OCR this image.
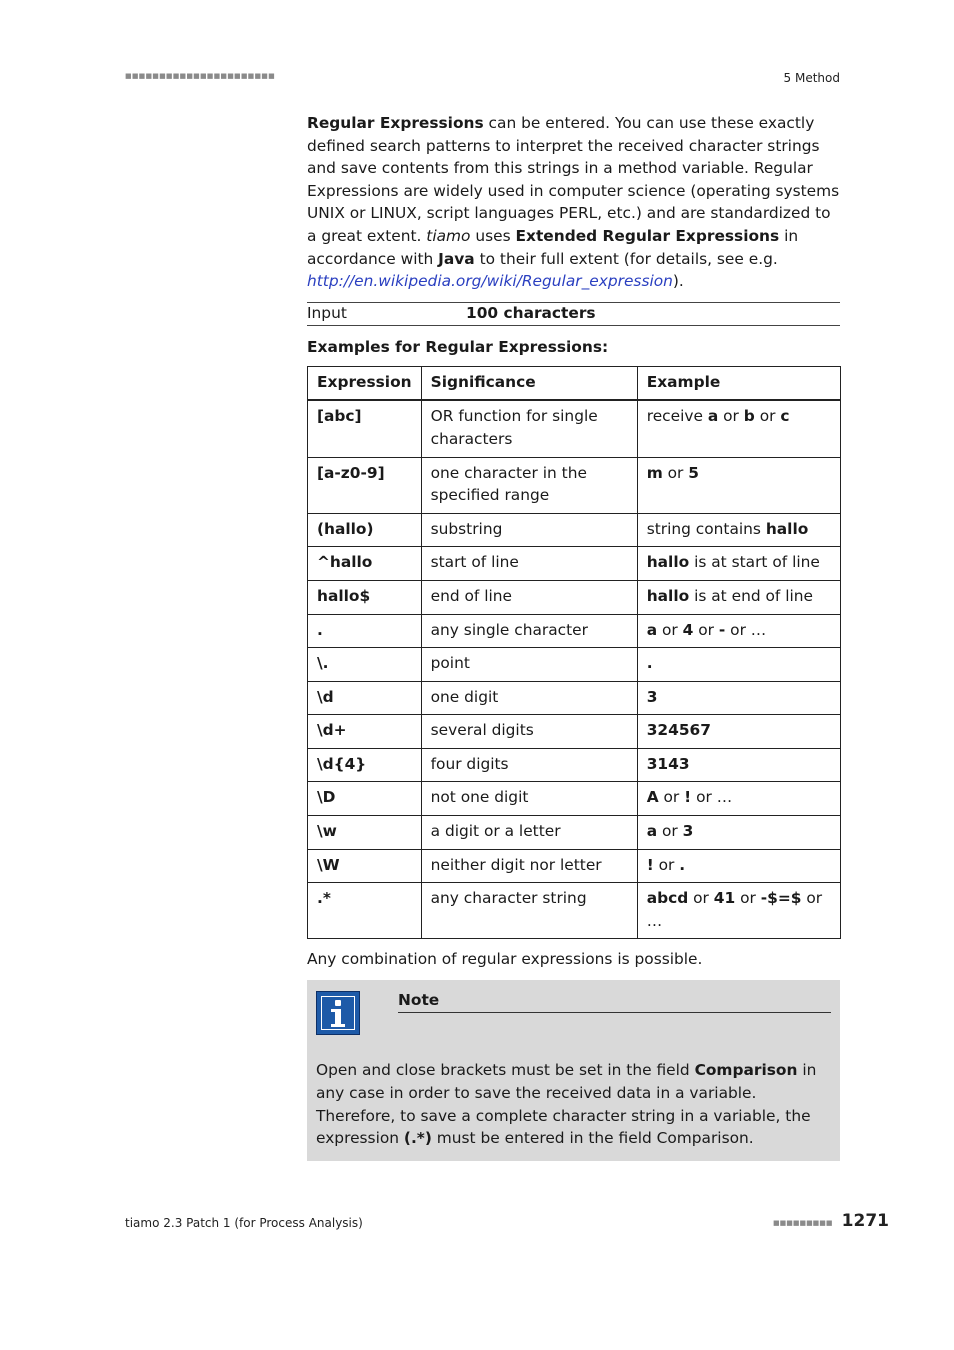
■■■■■■■■■■■■■■■■■■■■■■	5 Method

Regular Expressions can be entered. You can use these exactly defined search patterns to interpret the received character strings and save contents from this strings in a method variable. Regular Expressions are widely used in computer science (operating systems UNIX or LINUX, script languages PERL, etc.) and are standardized to a great extent. tiamo uses Extended Regular Expressions in accordance with Java to their full extent (for details, see e.g. http://en.wikipedia.org/wiki/Regular_expression).

Input	100 characters
Examples for Regular Expressions:
Expression	Significance	Example
[abc]	OR function for single characters	receive a or b or c
[a-z0-9]	one character in the specified range	m or 5
(hallo)	substring	string contains hallo
^hallo	start of line	hallo is at start of line
hallo$	end of line	hallo is at end of line
.	any single character	a or 4 or - or …
\.	point	.
\d	one digit	3
\d+	several digits	324567
\d{4}	four digits	3143
\D	not one digit	A or ! or …
\w	a digit or a letter	a or 3
\W	neither digit nor letter	! or .
.*	any character string	abcd or 41 or -$=$ or …
Any combination of regular expressions is possible.
Note
Open and close brackets must be set in the field Comparison in any case in order to save the received data in a variable. Therefore, to save a complete character string in a variable, the expression (.*) must be entered in the field Comparison.
tiamo 2.3 Patch 1 (for Process Analysis)	■■■■■■■■■ 1271
